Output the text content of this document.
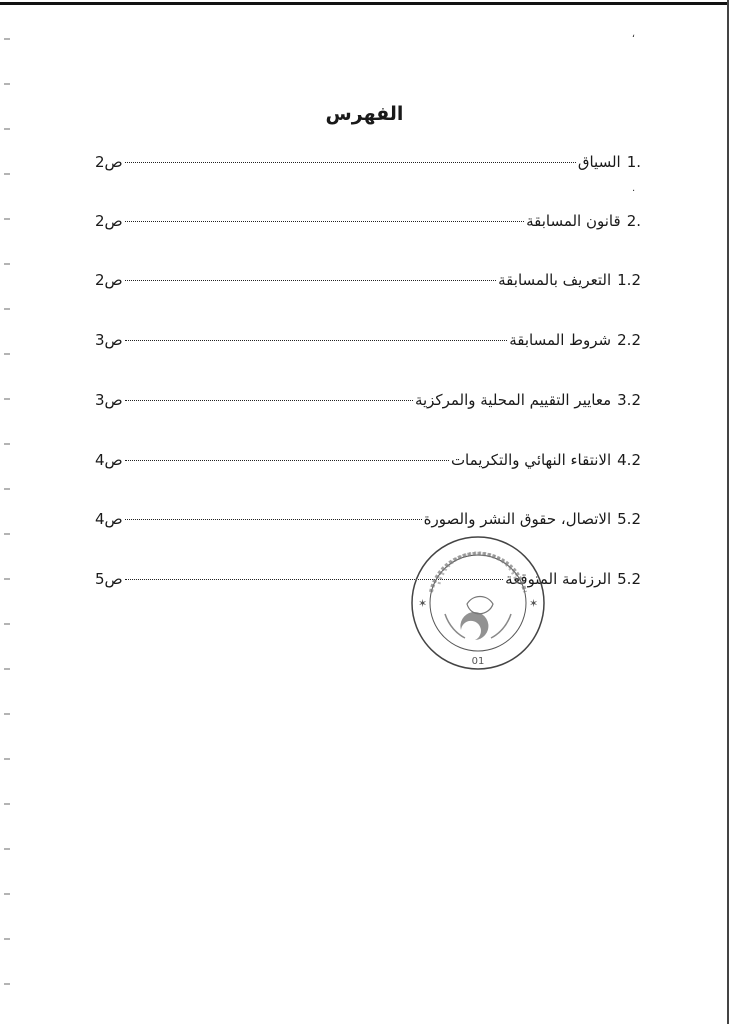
ʻ
·
الفهرس
1.
السياق
ص2
2.
قانون المسابقة
ص2
1.2
التعريف بالمسابقة
ص2
2.2
شروط المسابقة
ص3
3.2
معايير التقييم المحلية والمركزية
ص3
4.2
الانتقاء النهائي والتكريمات
ص4
5.2
الاتصال، حقوق النشر والصورة
ص4
5.2
الرزنامة المتوقعة
ص5
✶	✶
01
